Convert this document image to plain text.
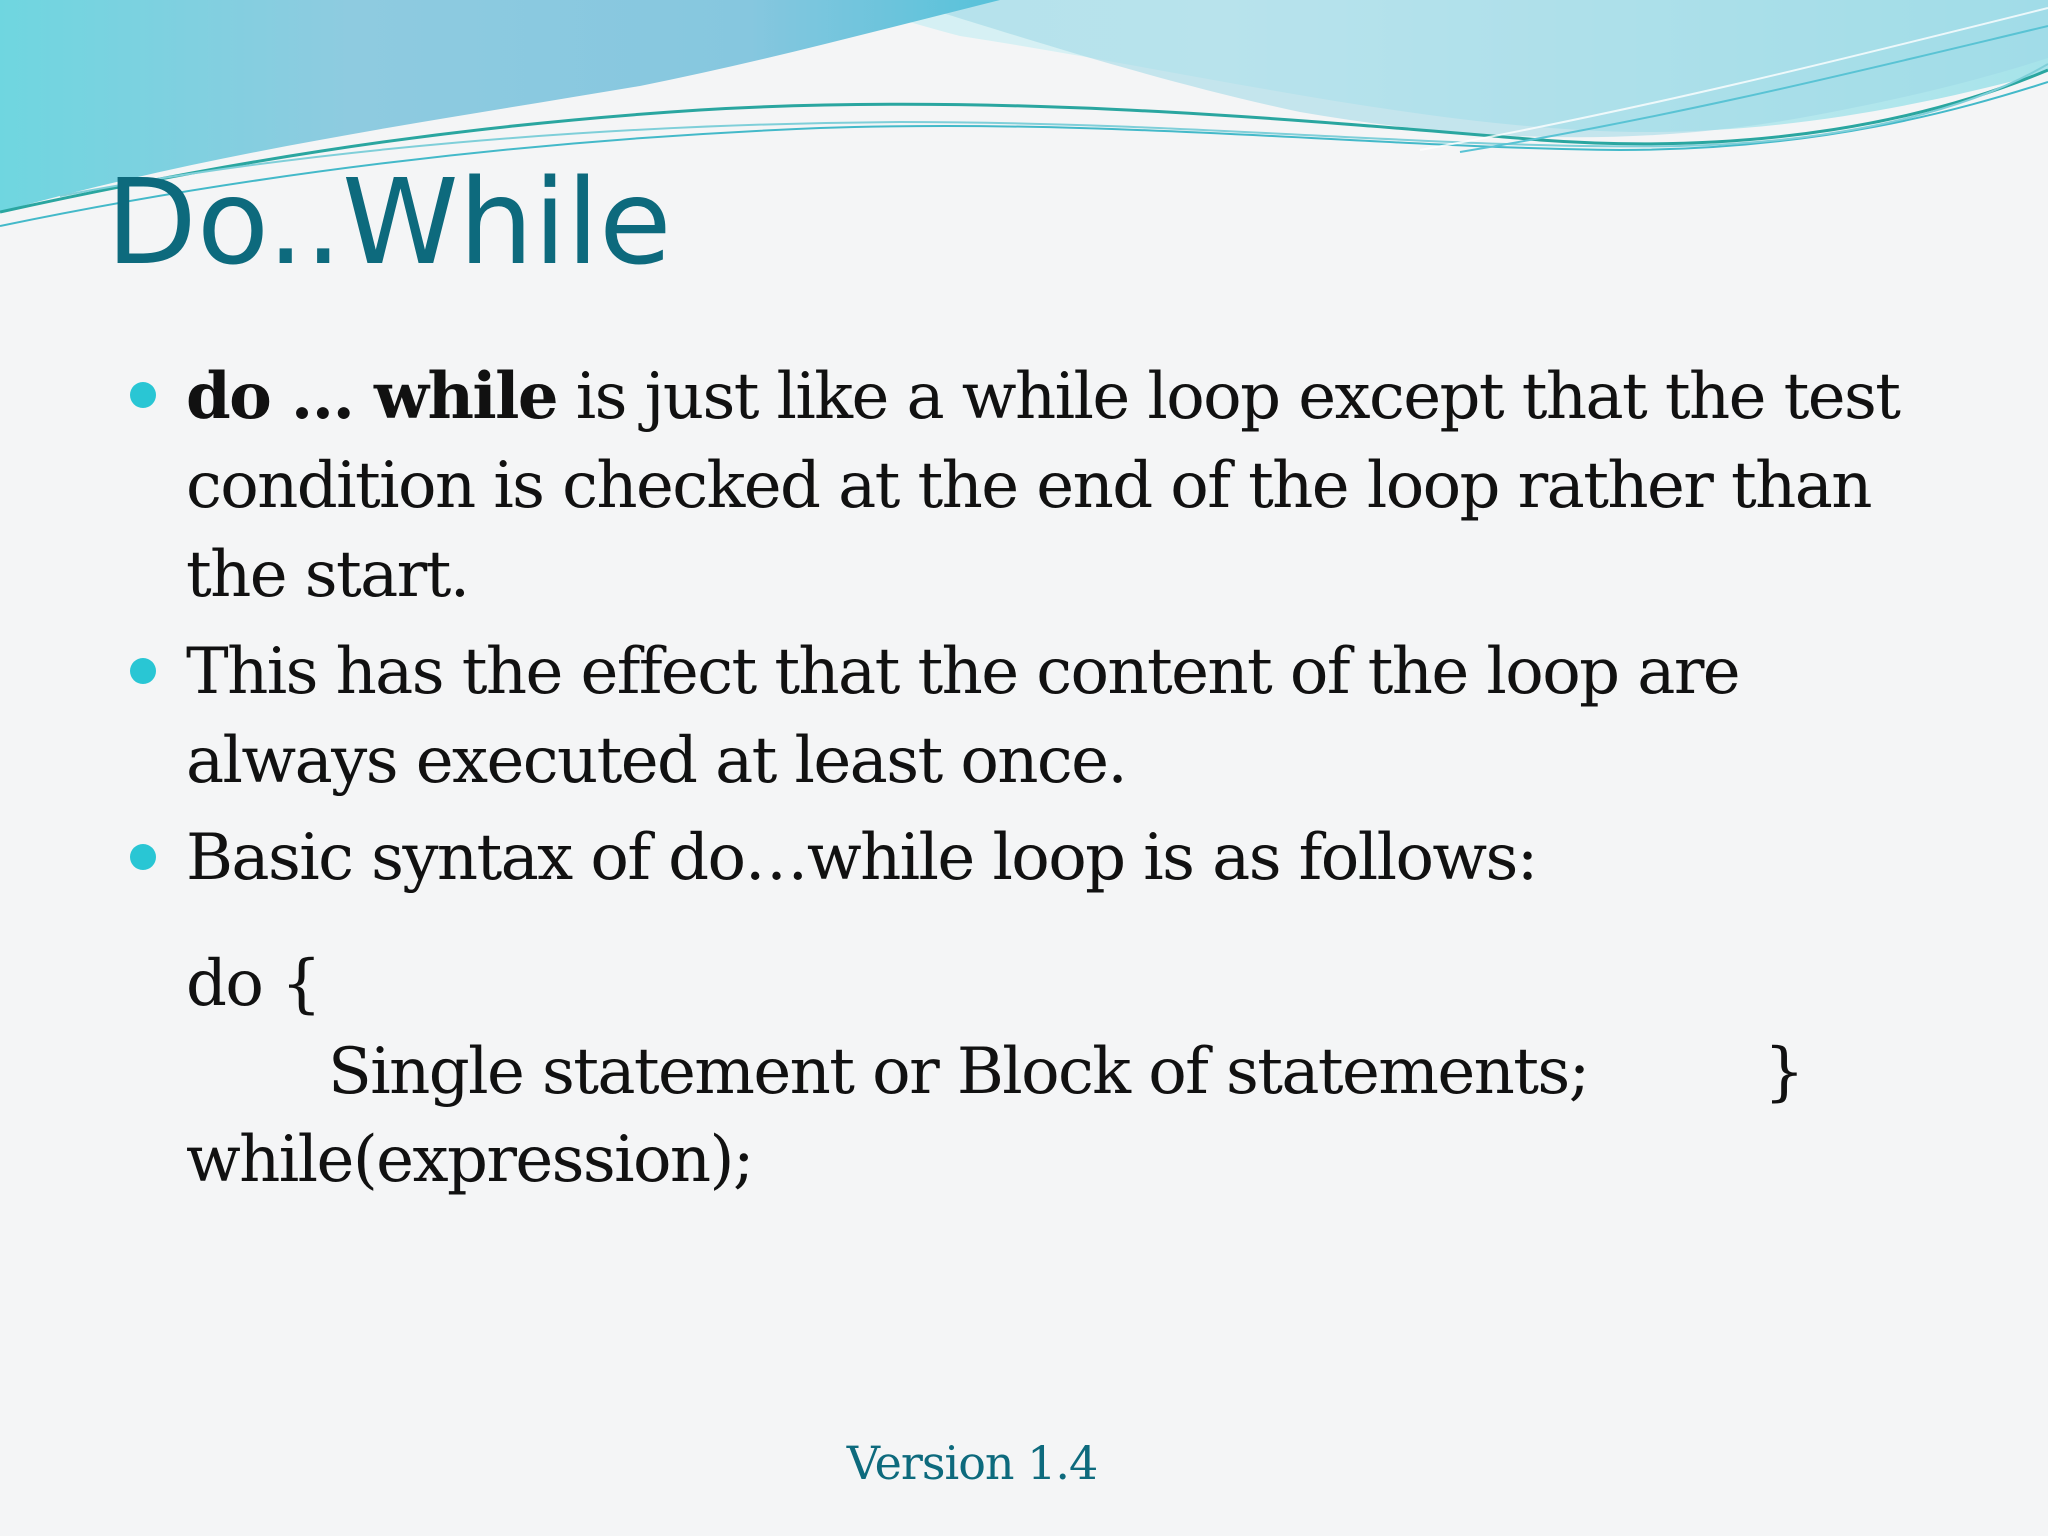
Do..While
do … while is just like a while loop except that the test condition is checked at the end of the loop rather than the start.
This has the effect that the content of the loop are always executed at least once.
Basic syntax of do…while loop is as follows:
do {
Single statement or Block of statements;	}
while(expression);
Version 1.4
